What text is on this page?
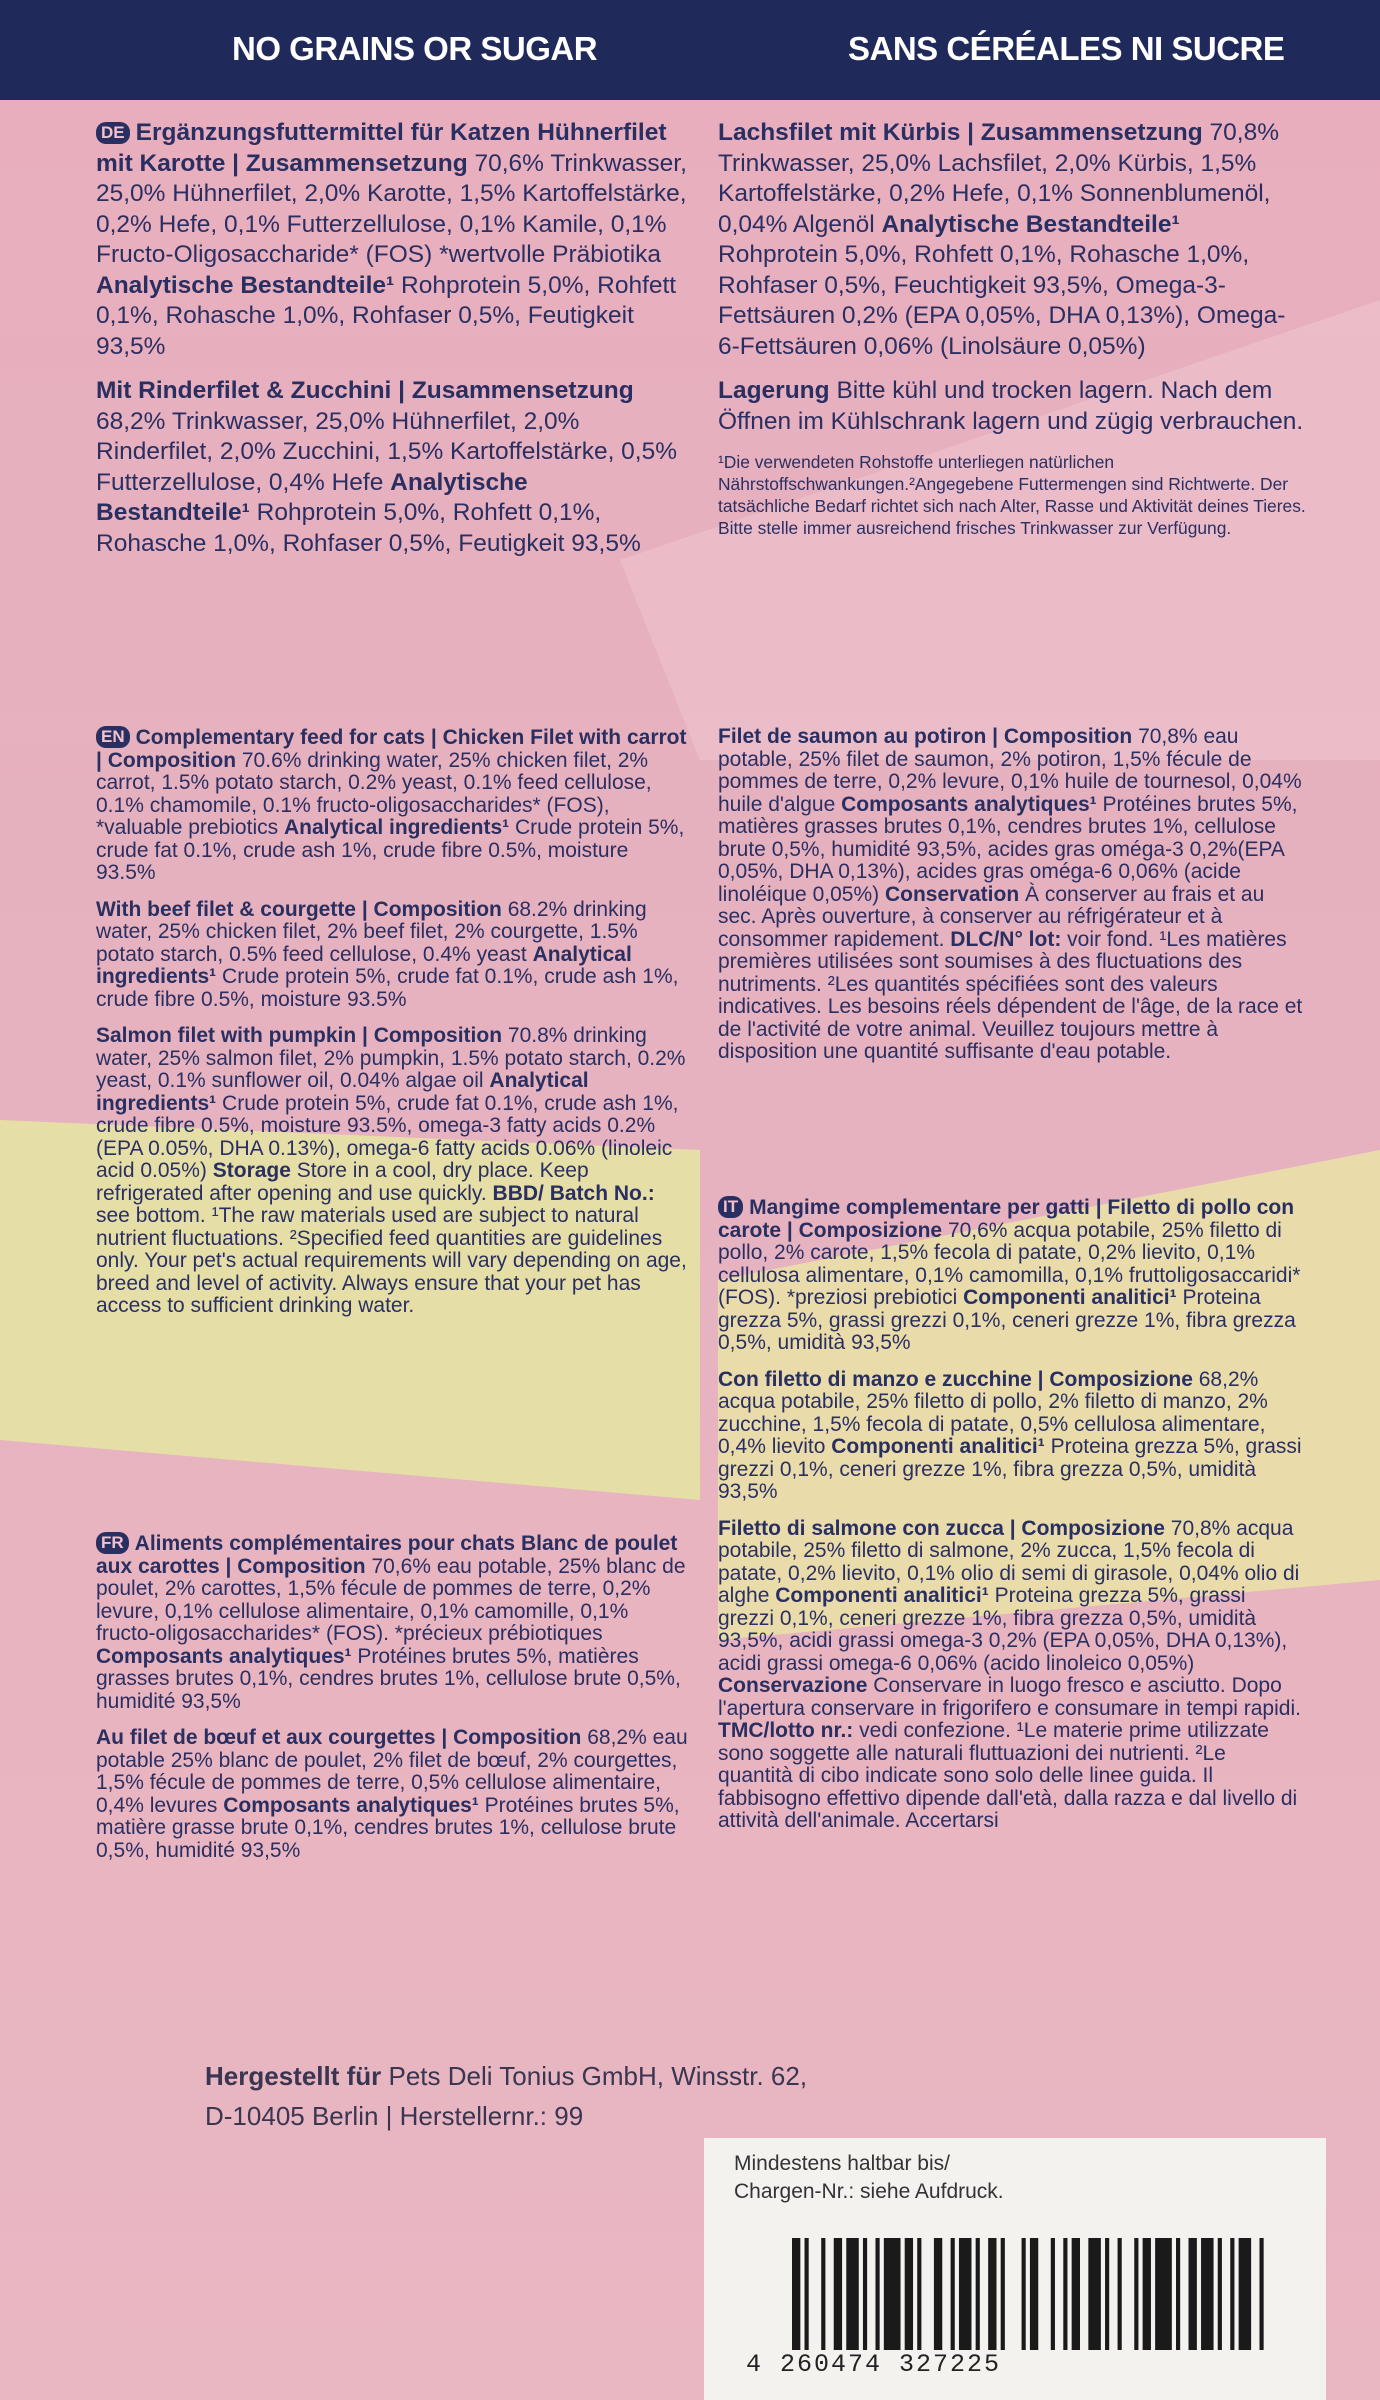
NO GRAINS OR SUGAR	SANS CÉRÉALES NI SUCRE

DE Ergänzungsfuttermittel für Katzen Hühnerfilet mit Karotte | Zusammensetzung 70,6% Trinkwasser, 25,0% Hühnerfilet, 2,0% Karotte, 1,5% Kartoffelstärke, 0,2% Hefe, 0,1% Futterzellulose, 0,1% Kamile, 0,1% Fructo-Oligosaccharide* (FOS) *wertvolle Präbiotika Analytische Bestandteile¹ Rohprotein 5,0%, Rohfett 0,1%, Rohasche 1,0%, Rohfaser 0,5%, Feutigkeit 93,5%

Mit Rinderfilet & Zucchini | Zusammensetzung 68,2% Trinkwasser, 25,0% Hühnerfilet, 2,0% Rinderfilet, 2,0% Zucchini, 1,5% Kartoffelstärke, 0,5% Futterzellulose, 0,4% Hefe Analytische Bestandteile¹ Rohprotein 5,0%, Rohfett 0,1%, Rohasche 1,0%, Rohfaser 0,5%, Feutigkeit 93,5%

EN Complementary feed for cats | Chicken Filet with carrot | Composition 70.6% drinking water, 25% chicken filet, 2% carrot, 1.5% potato starch, 0.2% yeast, 0.1% feed cellulose, 0.1% chamomile, 0.1% fructo-oligosaccharides* (FOS), *valuable prebiotics Analytical ingredients¹ Crude protein 5%, crude fat 0.1%, crude ash 1%, crude fibre 0.5%, moisture 93.5%

With beef filet & courgette | Composition 68.2% drinking water, 25% chicken filet, 2% beef filet, 2% courgette, 1.5% potato starch, 0.5% feed cellulose, 0.4% yeast Analytical ingredients¹ Crude protein 5%, crude fat 0.1%, crude ash 1%, crude fibre 0.5%, moisture 93.5%

Salmon filet with pumpkin | Composition 70.8% drinking water, 25% salmon filet, 2% pumpkin, 1.5% potato starch, 0.2% yeast, 0.1% sunflower oil, 0.04% algae oil Analytical ingredients¹ Crude protein 5%, crude fat 0.1%, crude ash 1%, crude fibre 0.5%, moisture 93.5%, omega-3 fatty acids 0.2% (EPA 0.05%, DHA 0.13%), omega-6 fatty acids 0.06% (linoleic acid 0.05%) Storage Store in a cool, dry place. Keep refrigerated after opening and use quickly. BBD/ Batch No.: see bottom. ¹The raw materials used are subject to natural nutrient fluctuations. ²Specified feed quantities are guidelines only. Your pet's actual requirements will vary depending on age, breed and level of activity. Always ensure that your pet has access to sufficient drinking water.

FR Aliments complémentaires pour chats Blanc de poulet aux carottes | Composition 70,6% eau potable, 25% blanc de poulet, 2% carottes, 1,5% fécule de pommes de terre, 0,2% levure, 0,1% cellulose alimentaire, 0,1% camomille, 0,1% fructo-oligosaccharides* (FOS). *précieux prébiotiques Composants analytiques¹ Protéines brutes 5%, matières grasses brutes 0,1%, cendres brutes 1%, cellulose brute 0,5%, humidité 93,5%

Au filet de bœuf et aux courgettes | Composition 68,2% eau potable 25% blanc de poulet, 2% filet de bœuf, 2% courgettes, 1,5% fécule de pommes de terre, 0,5% cellulose alimentaire, 0,4% levures Composants analytiques¹ Protéines brutes 5%, matière grasse brute 0,1%, cendres brutes 1%, cellulose brute 0,5%, humidité 93,5%

Lachsfilet mit Kürbis | Zusammensetzung 70,8% Trinkwasser, 25,0% Lachsfilet, 2,0% Kürbis, 1,5% Kartoffelstärke, 0,2% Hefe, 0,1% Sonnenblumenöl, 0,04% Algenöl Analytische Bestandteile¹ Rohprotein 5,0%, Rohfett 0,1%, Rohasche 1,0%, Rohfaser 0,5%, Feuchtigkeit 93,5%, Omega-3-Fettsäuren 0,2% (EPA 0,05%, DHA 0,13%), Omega-6-Fettsäuren 0,06% (Linolsäure 0,05%)

Lagerung Bitte kühl und trocken lagern. Nach dem Öffnen im Kühlschrank lagern und zügig verbrauchen.

¹Die verwendeten Rohstoffe unterliegen natürlichen Nährstoffschwankungen.²Angegebene Futtermengen sind Richtwerte. Der tatsächliche Bedarf richtet sich nach Alter, Rasse und Aktivität deines Tieres. Bitte stelle immer ausreichend frisches Trinkwasser zur Verfügung.

Filet de saumon au potiron | Composition 70,8% eau potable, 25% filet de saumon, 2% potiron, 1,5% fécule de pommes de terre, 0,2% levure, 0,1% huile de tournesol, 0,04% huile d'algue Composants analytiques¹ Protéines brutes 5%, matières grasses brutes 0,1%, cendres brutes 1%, cellulose brute 0,5%, humidité 93,5%, acides gras oméga-3 0,2%(EPA 0,05%, DHA 0,13%), acides gras oméga-6 0,06% (acide linoléique 0,05%) Conservation À conserver au frais et au sec. Après ouverture, à conserver au réfrigérateur et à consommer rapidement. DLC/N° lot: voir fond. ¹Les matières premières utilisées sont soumises à des fluctuations des nutriments. ²Les quantités spécifiées sont des valeurs indicatives. Les besoins réels dépendent de l'âge, de la race et de l'activité de votre animal. Veuillez toujours mettre à disposition une quantité suffisante d'eau potable.

IT Mangime complementare per gatti | Filetto di pollo con carote | Composizione 70,6% acqua potabile, 25% filetto di pollo, 2% carote, 1,5% fecola di patate, 0,2% lievito, 0,1% cellulosa alimentare, 0,1% camomilla, 0,1% fruttoligosaccaridi* (FOS). *preziosi prebiotici Componenti analitici¹ Proteina grezza 5%, grassi grezzi 0,1%, ceneri grezze 1%, fibra grezza 0,5%, umidità 93,5%

Con filetto di manzo e zucchine | Composizione 68,2% acqua potabile, 25% filetto di pollo, 2% filetto di manzo, 2% zucchine, 1,5% fecola di patate, 0,5% cellulosa alimentare, 0,4% lievito Componenti analitici¹ Proteina grezza 5%, grassi grezzi 0,1%, ceneri grezze 1%, fibra grezza 0,5%, umidità 93,5%

Filetto di salmone con zucca | Composizione 70,8% acqua potabile, 25% filetto di salmone, 2% zucca, 1,5% fecola di patate, 0,2% lievito, 0,1% olio di semi di girasole, 0,04% olio di alghe Componenti analitici¹ Proteina grezza 5%, grassi grezzi 0,1%, ceneri grezze 1%, fibra grezza 0,5%, umidità 93,5%, acidi grassi omega-3 0,2% (EPA 0,05%, DHA 0,13%), acidi grassi omega-6 0,06% (acido linoleico 0,05%) Conservazione Conservare in luogo fresco e asciutto. Dopo l'apertura conservare in frigorifero e consumare in tempi rapidi. TMC/lotto nr.: vedi confezione. ¹Le materie prime utilizzate sono soggette alle naturali fluttuazioni dei nutrienti. ²Le quantità di cibo indicate sono solo delle linee guida. Il fabbisogno effettivo dipende dall'età, dalla razza e dal livello di attività dell'animale. Accertarsi

Hergestellt für Pets Deli Tonius GmbH, Winsstr. 62,
D-10405 Berlin | Herstellernr.: 99
Mindestens haltbar bis/
Chargen-Nr.: siehe Aufdruck.
4 260474 327225
